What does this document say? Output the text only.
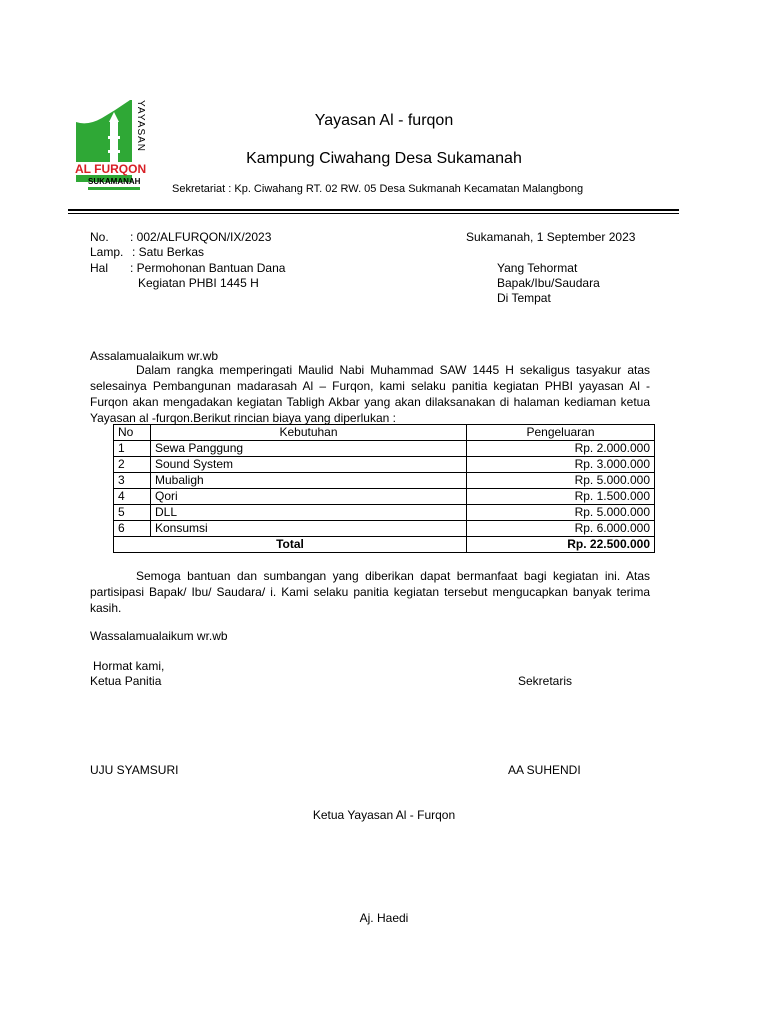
YAYASAN
AL FURQON
SUKAMANAH
Yayasan Al - furqon
Kampung Ciwahang Desa Sukamanah
Sekretariat : Kp. Ciwahang RT. 02 RW. 05 Desa Sukmanah Kecamatan Malangbong
No. : 002/ALFURQON/IX/2023
Lamp. : Satu Berkas
Hal : Permohonan Bantuan Dana
Kegiatan PHBI 1445 H
Sukamanah, 1 September 2023
Yang Tehormat
Bapak/Ibu/Saudara
Di Tempat
Assalamualaikum wr.wb
Dalam rangka memperingati Maulid Nabi Muhammad SAW 1445 H sekaligus tasyakur atas selesainya Pembangunan madarasah Al – Furqon, kami selaku panitia kegiatan PHBI yayasan Al - Furqon akan mengadakan kegiatan Tabligh Akbar yang akan dilaksanakan di halaman kediaman ketua Yayasan al -furqon.Berikut rincian biaya yang diperlukan :
No	Kebutuhan	Pengeluaran
1	Sewa Panggung	Rp. 2.000.000
2	Sound System	Rp. 3.000.000
3	Mubaligh	Rp. 5.000.000
4	Qori	Rp. 1.500.000
5	DLL	Rp. 5.000.000
6	Konsumsi	Rp. 6.000.000
Total		Rp. 22.500.000
Semoga bantuan dan sumbangan yang diberikan dapat bermanfaat bagi kegiatan ini. Atas partisipasi Bapak/ Ibu/ Saudara/ i. Kami selaku panitia kegiatan tersebut mengucapkan banyak terima kasih.
Wassalamualaikum wr.wb
Hormat kami,
Ketua Panitia	Sekretaris
UJU SYAMSURI	AA SUHENDI
Ketua Yayasan Al - Furqon
Aj. Haedi
